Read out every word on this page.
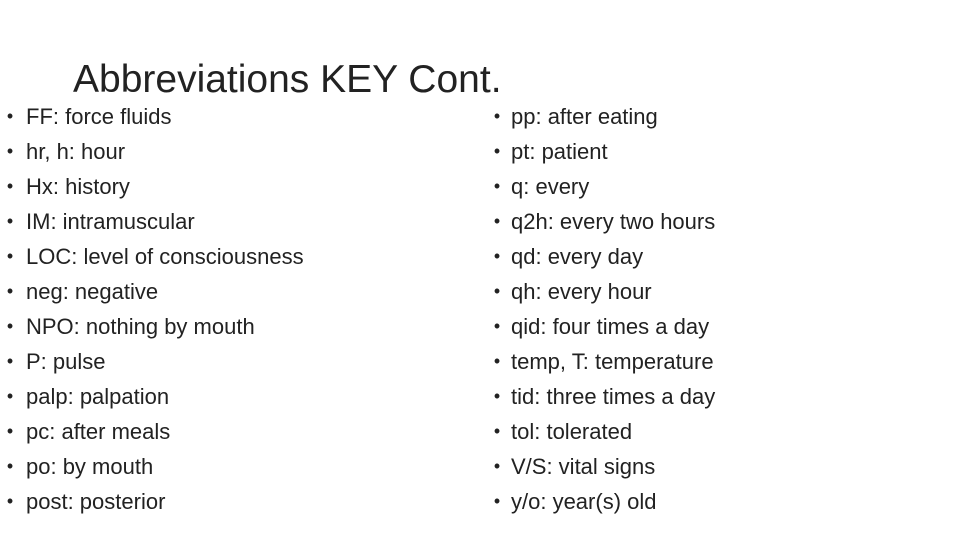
Abbreviations KEY Cont.
• FF: force fluids
• hr, h: hour
• Hx: history
• IM: intramuscular
• LOC: level of consciousness
• neg: negative
• NPO: nothing by mouth
• P: pulse
• palp: palpation
• pc: after meals
• po: by mouth
• post: posterior
• pp: after eating
• pt: patient
• q: every
• q2h: every two hours
• qd: every day
• qh: every hour
• qid: four times a day
• temp, T: temperature
• tid: three times a day
• tol: tolerated
• V/S: vital signs
• y/o: year(s) old
